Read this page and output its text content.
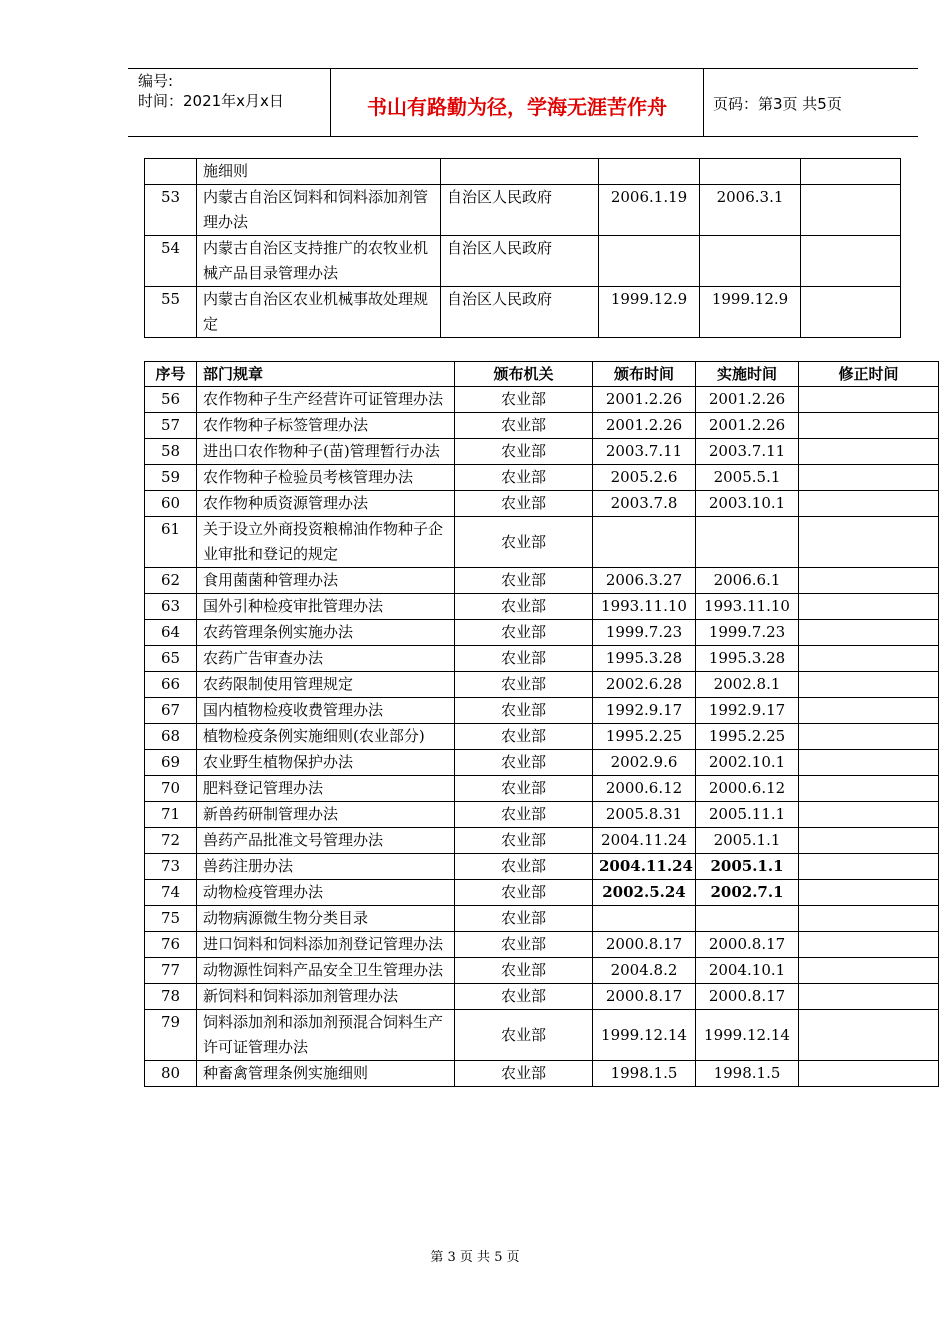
编号:
时间：2021年x月x日	书山有路勤为径，学海无涯苦作舟	页码：第3页 共5页
	施细则				
53	内蒙古自治区饲料和饲料添加剂管理办法	自治区人民政府	2006.1.19	2006.3.1	
54	内蒙古自治区支持推广的农牧业机械产品目录管理办法	自治区人民政府			
55	内蒙古自治区农业机械事故处理规定	自治区人民政府	1999.12.9	1999.12.9	
序号	部门规章	颁布机关	颁布时间	实施时间	修正时间
56	农作物种子生产经营许可证管理办法	农业部	2001.2.26	2001.2.26	
57	农作物种子标签管理办法	农业部	2001.2.26	2001.2.26	
58	进出口农作物种子(苗)管理暂行办法	农业部	2003.7.11	2003.7.11	
59	农作物种子检验员考核管理办法	农业部	2005.2.6	2005.5.1	
60	农作物种质资源管理办法	农业部	2003.7.8	2003.10.1	
61	关于设立外商投资粮棉油作物种子企业审批和登记的规定	农业部			
62	食用菌菌种管理办法	农业部	2006.3.27	2006.6.1	
63	国外引种检疫审批管理办法	农业部	1993.11.10	1993.11.10	
64	农药管理条例实施办法	农业部	1999.7.23	1999.7.23	
65	农药广告审查办法	农业部	1995.3.28	1995.3.28	
66	农药限制使用管理规定	农业部	2002.6.28	2002.8.1	
67	国内植物检疫收费管理办法	农业部	1992.9.17	1992.9.17	
68	植物检疫条例实施细则(农业部分)	农业部	1995.2.25	1995.2.25	
69	农业野生植物保护办法	农业部	2002.9.6	2002.10.1	
70	肥料登记管理办法	农业部	2000.6.12	2000.6.12	
71	新兽药研制管理办法	农业部	2005.8.31	2005.11.1	
72	兽药产品批准文号管理办法	农业部	2004.11.24	2005.1.1	
73	兽药注册办法	农业部	2004.11.24	2005.1.1	
74	动物检疫管理办法	农业部	2002.5.24	2002.7.1	
75	动物病源微生物分类目录	农业部			
76	进口饲料和饲料添加剂登记管理办法	农业部	2000.8.17	2000.8.17	
77	动物源性饲料产品安全卫生管理办法	农业部	2004.8.2	2004.10.1	
78	新饲料和饲料添加剂管理办法	农业部	2000.8.17	2000.8.17	
79	饲料添加剂和添加剂预混合饲料生产许可证管理办法	农业部	1999.12.14	1999.12.14	
80	种畜禽管理条例实施细则	农业部	1998.1.5	1998.1.5	
第 3 页 共 5 页
